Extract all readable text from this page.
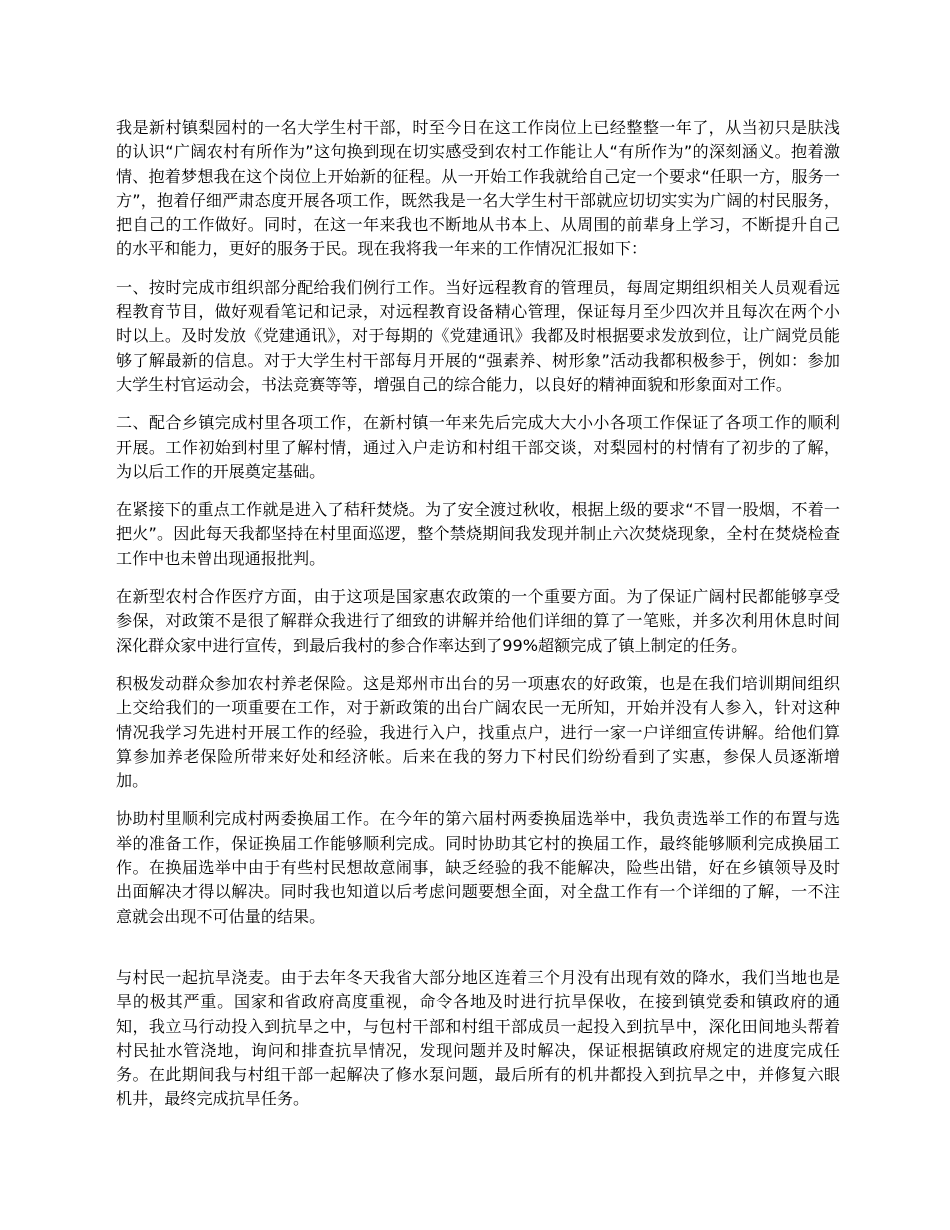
我是新村镇梨园村的一名大学生村干部，时至今日在这工作岗位上已经整整一年了，从当初只是肤浅的认识“广阔农村有所作为”这句换到现在切实感受到农村工作能让人“有所作为”的深刻涵义。抱着激情、抱着梦想我在这个岗位上开始新的征程。从一开始工作我就给自己定一个要求“任职一方，服务一方”，抱着仔细严肃态度开展各项工作，既然我是一名大学生村干部就应切切实实为广阔的村民服务，把自己的工作做好。同时，在这一年来我也不断地从书本上、从周围的前辈身上学习，不断提升自己的水平和能力，更好的服务于民。现在我将我一年来的工作情况汇报如下：

一、按时完成市组织部分配给我们例行工作。当好远程教育的管理员，每周定期组织相关人员观看远程教育节目，做好观看笔记和记录，对远程教育设备精心管理，保证每月至少四次并且每次在两个小时以上。及时发放《党建通讯》，对于每期的《党建通讯》我都及时根据要求发放到位，让广阔党员能够了解最新的信息。对于大学生村干部每月开展的“强素养、树形象”活动我都积极参于，例如：参加大学生村官运动会，书法竞赛等等，增强自己的综合能力，以良好的精神面貌和形象面对工作。

二、配合乡镇完成村里各项工作，在新村镇一年来先后完成大大小小各项工作保证了各项工作的顺利开展。工作初始到村里了解村情，通过入户走访和村组干部交谈，对梨园村的村情有了初步的了解，为以后工作的开展奠定基础。

在紧接下的重点工作就是进入了秸秆焚烧。为了安全渡过秋收，根据上级的要求“不冒一股烟，不着一把火”。因此每天我都坚持在村里面巡逻，整个禁烧期间我发现并制止六次焚烧现象，全村在焚烧检查工作中也未曾出现通报批判。

在新型农村合作医疗方面，由于这项是国家惠农政策的一个重要方面。为了保证广阔村民都能够享受参保，对政策不是很了解群众我进行了细致的讲解并给他们详细的算了一笔账，并多次利用休息时间深化群众家中进行宣传，到最后我村的参合作率达到了99%超额完成了镇上制定的任务。

积极发动群众参加农村养老保险。这是郑州市出台的另一项惠农的好政策，也是在我们培训期间组织上交给我们的一项重要在工作，对于新政策的出台广阔农民一无所知，开始并没有人参入，针对这种情况我学习先进村开展工作的经验，我进行入户，找重点户，进行一家一户详细宣传讲解。给他们算算参加养老保险所带来好处和经济帐。后来在我的努力下村民们纷纷看到了实惠，参保人员逐渐增加。

协助村里顺利完成村两委换届工作。在今年的第六届村两委换届选举中，我负责选举工作的布置与选举的准备工作，保证换届工作能够顺利完成。同时协助其它村的换届工作，最终能够顺利完成换届工作。在换届选举中由于有些村民想故意闹事，缺乏经验的我不能解决，险些出错，好在乡镇领导及时出面解决才得以解决。同时我也知道以后考虑问题要想全面，对全盘工作有一个详细的了解，一不注意就会出现不可估量的结果。

与村民一起抗旱浇麦。由于去年冬天我省大部分地区连着三个月没有出现有效的降水，我们当地也是旱的极其严重。国家和省政府高度重视，命令各地及时进行抗旱保收，在接到镇党委和镇政府的通知，我立马行动投入到抗旱之中，与包村干部和村组干部成员一起投入到抗旱中，深化田间地头帮着村民扯水管浇地，询问和排查抗旱情况，发现问题并及时解决，保证根据镇政府规定的进度完成任务。在此期间我与村组干部一起解决了修水泵问题，最后所有的机井都投入到抗旱之中，并修复六眼机井，最终完成抗旱任务。
